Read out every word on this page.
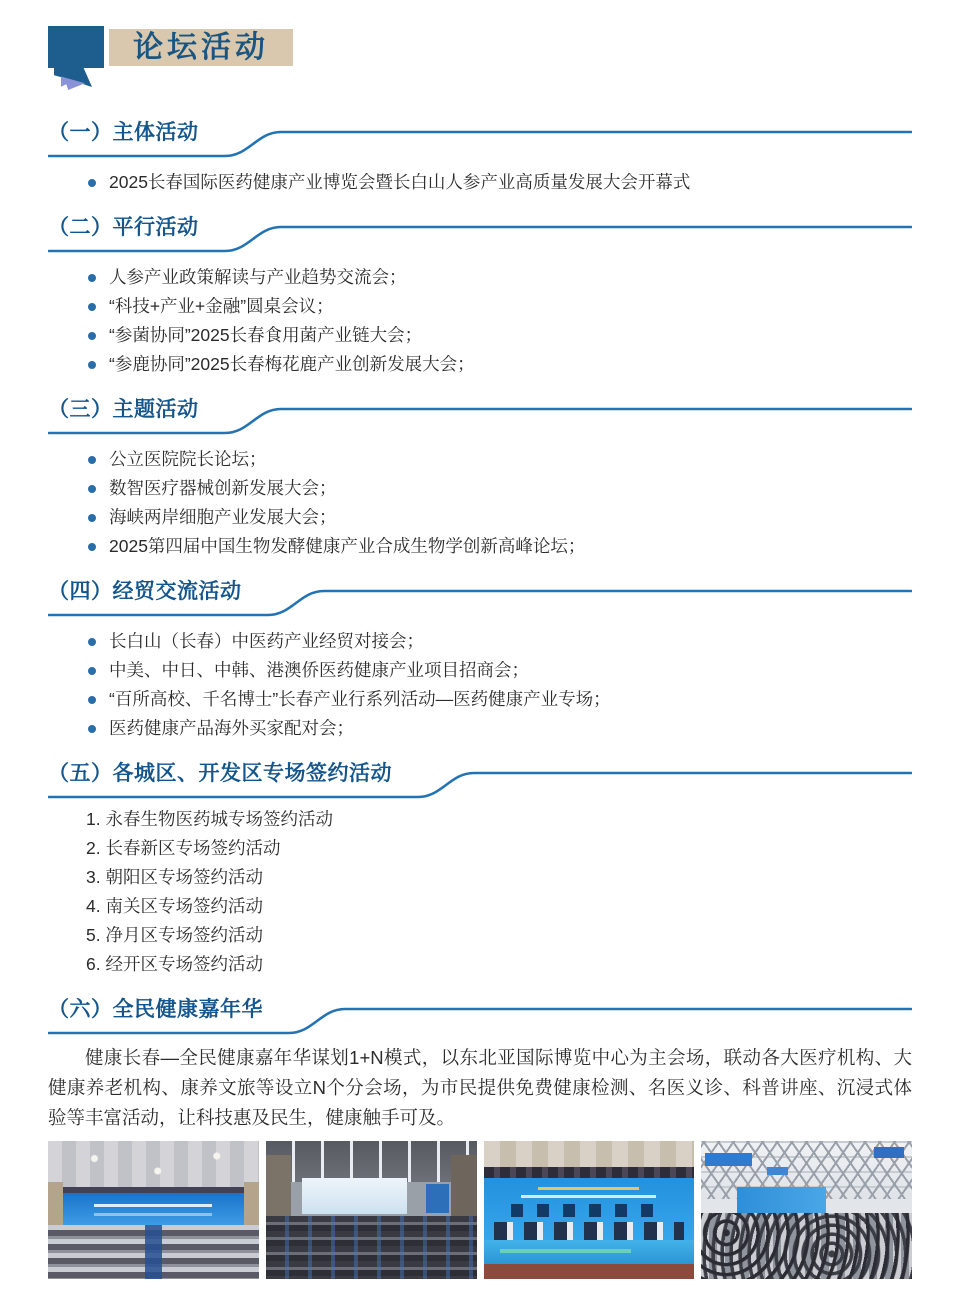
论坛活动
（一）主体活动
2025长春国际医药健康产业博览会暨长白山人参产业高质量发展大会开幕式
（二）平行活动
人参产业政策解读与产业趋势交流会；
“科技+产业+金融”圆桌会议；
“参菌协同”2025长春食用菌产业链大会；
“参鹿协同”2025长春梅花鹿产业创新发展大会；
（三）主题活动
公立医院院长论坛；
数智医疗器械创新发展大会；
海峡两岸细胞产业发展大会；
2025第四届中国生物发酵健康产业合成生物学创新高峰论坛；
（四）经贸交流活动
长白山（长春）中医药产业经贸对接会；
中美、中日、中韩、港澳侨医药健康产业项目招商会；
“百所高校、千名博士”长春产业行系列活动—医药健康产业专场；
医药健康产品海外买家配对会；
（五）各城区、开发区专场签约活动
1. 永春生物医药城专场签约活动
2. 长春新区专场签约活动
3. 朝阳区专场签约活动
4. 南关区专场签约活动
5. 净月区专场签约活动
6. 经开区专场签约活动
（六）全民健康嘉年华

健康长春—全民健康嘉年华谋划1+N模式，以东北亚国际博览中心为主会场，联动各大医疗机构、大健康养老机构、康养文旅等设立N个分会场，为市民提供免费健康检测、名医义诊、科普讲座、沉浸式体验等丰富活动，让科技惠及民生，健康触手可及。
